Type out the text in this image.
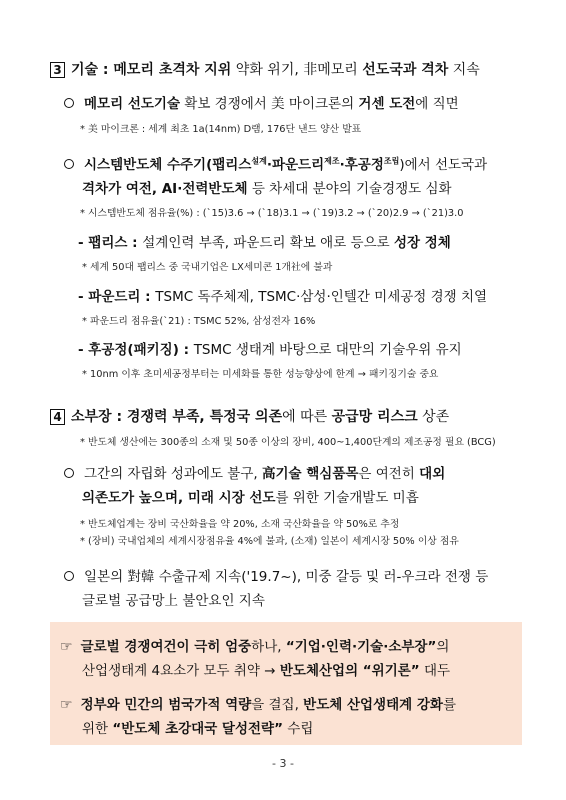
3 기술 : 메모리 초격차 지위 약화 위기, 非메모리 선도국과 격차 지속
메모리 선도기술 확보 경쟁에서 美 마이크론의 거센 도전에 직면
* 美 마이크론 : 세계 최초 1a(14nm) D램, 176단 낸드 양산 발표
시스템반도체 수주기(팹리스$^{설계}$·파운드리$^{제조}$·후공정$^{조립}$)에서 선도국과
격차가 여전, AI·전력반도체 등 차세대 분야의 기술경쟁도 심화
* 시스템반도체 점유율(%) : (`15)3.6 → (`18)3.1 → (`19)3.2 → (`20)2.9 → (`21)3.0
- 팹리스 : 설계인력 부족, 파운드리 확보 애로 등으로 성장 정체
* 세계 50대 팹리스 중 국내기업은 LX세미콘 1개社에 불과
- 파운드리 : TSMC 독주체제, TSMC·삼성·인텔간 미세공정 경쟁 치열
* 파운드리 점유율(`21) : TSMC 52%, 삼성전자 16%
- 후공정(패키징) : TSMC 생태계 바탕으로 대만의 기술우위 유지
* 10nm 이후 초미세공정부터는 미세화를 통한 성능향상에 한계 → 패키징기술 중요
4 소부장 : 경쟁력 부족, 특정국 의존에 따른 공급망 리스크 상존
* 반도체 생산에는 300종의 소재 및 50종 이상의 장비, 400~1,400단계의 제조공정 필요 (BCG)
그간의 자립화 성과에도 불구, 高기술 핵심품목은 여전히 대외
의존도가 높으며, 미래 시장 선도를 위한 기술개발도 미흡
* 반도체업계는 장비 국산화율을 약 20%, 소재 국산화율을 약 50%로 추정
* (장비) 국내업체의 세계시장점유율 4%에 불과, (소재) 일본이 세계시장 50% 이상 점유
일본의 對韓 수출규제 지속('19.7~), 미중 갈등 및 러-우크라 전쟁 등
글로벌 공급망上 불안요인 지속
☞ 글로벌 경쟁여건이 극히 엄중하나, “기업·인력·기술·소부장”의
산업생태계 4요소가 모두 취약 → 반도체산업의 “위기론” 대두
☞ 정부와 민간의 범국가적 역량을 결집, 반도체 산업생태계 강화를
위한 “반도체 초강대국 달성전략” 수립
- 3 -
